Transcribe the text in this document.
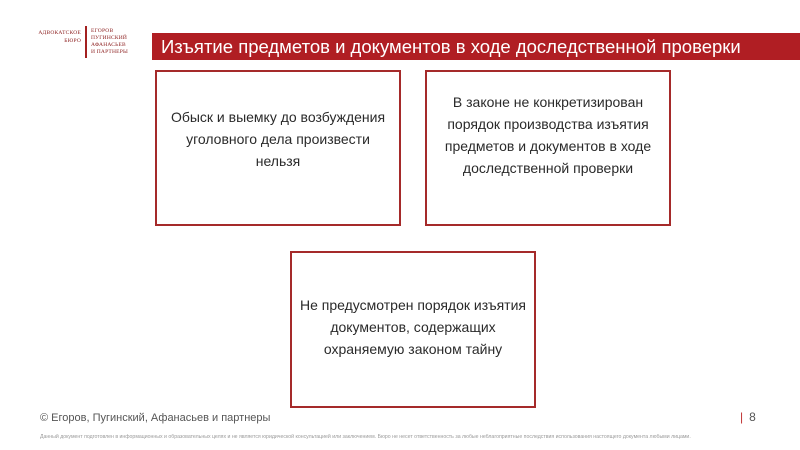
АДВОКАТСКОЕ
БЮРО
ЕГОРОВ
ПУГИНСКИЙ
АФАНАСЬЕВ
И ПАРТНЕРЫ Изъятие предметов и документов в ходе доследственной проверки
Обыск и выемку до возбуждения уголовного дела произвести нельзя
В законе не конкретизирован порядок производства изъятия предметов и документов в ходе доследственной проверки
Не предусмотрен порядок изъятия документов, содержащих охраняемую законом тайну
© Егоров, Пугинский, Афанасьев и партнеры	| 8
Данный документ подготовлен в информационных и образовательных целях и не является юридической консультацией или заключением. Бюро не несет ответственность за любые неблагоприятные последствия использования настоящего документа любыми лицами.
